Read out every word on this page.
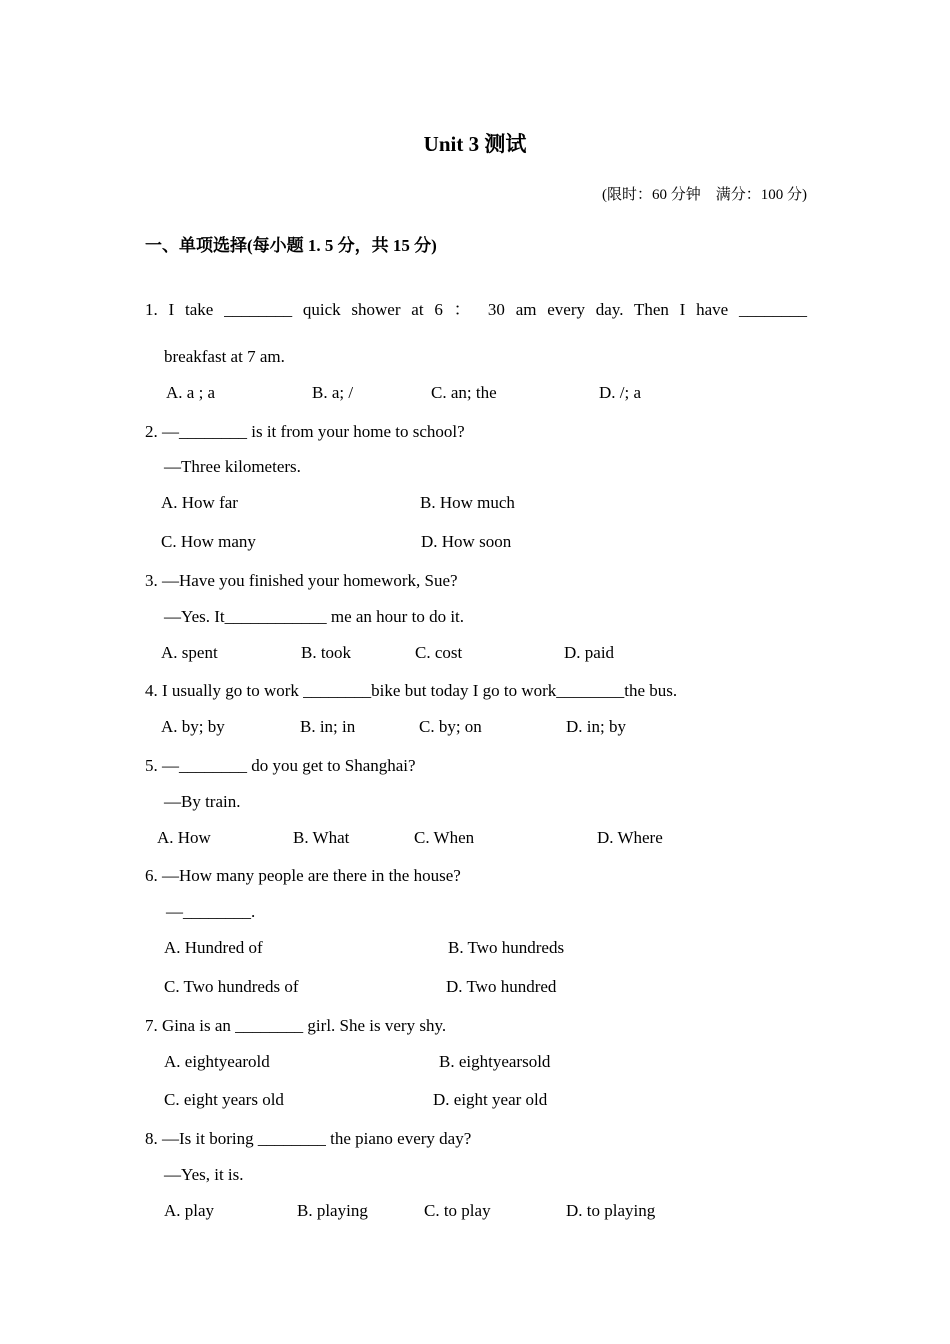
Unit 3 测试
(限时：60 分钟　满分：100 分)
一、单项选择(每小题 1. 5 分，共 15 分)
1. I take ________ quick shower at 6 ： 30 am every day. Then I have ________
breakfast at 7 am.
A. a ; a	B. a; /	C. an; the	D. /; a
2. —________ is it from your home to school?
—Three kilometers.
A. How far	B. How much
C. How many	D. How soon
3. —Have you finished your homework, Sue?
—Yes. It____________ me an hour to do it.
A. spent	B. took	C. cost	D. paid
4. I usually go to work ________bike but today I go to work________the bus.
A. by; by	B. in; in	C. by; on	D. in; by
5. —________ do you get to Shanghai?
—By train.
A. How	B. What	C. When	D. Where
6. —How many people are there in the house?
—________.
A. Hundred of	B. Two hundreds
C. Two hundreds of	D. Two hundred
7. Gina is an ________ girl. She is very shy.
A. eightyearold	B. eightyearsold
C. eight years old	D. eight year old
8. —Is it boring ________ the piano every day?
—Yes, it is.
A. play	B. playing	C. to play	D. to playing
